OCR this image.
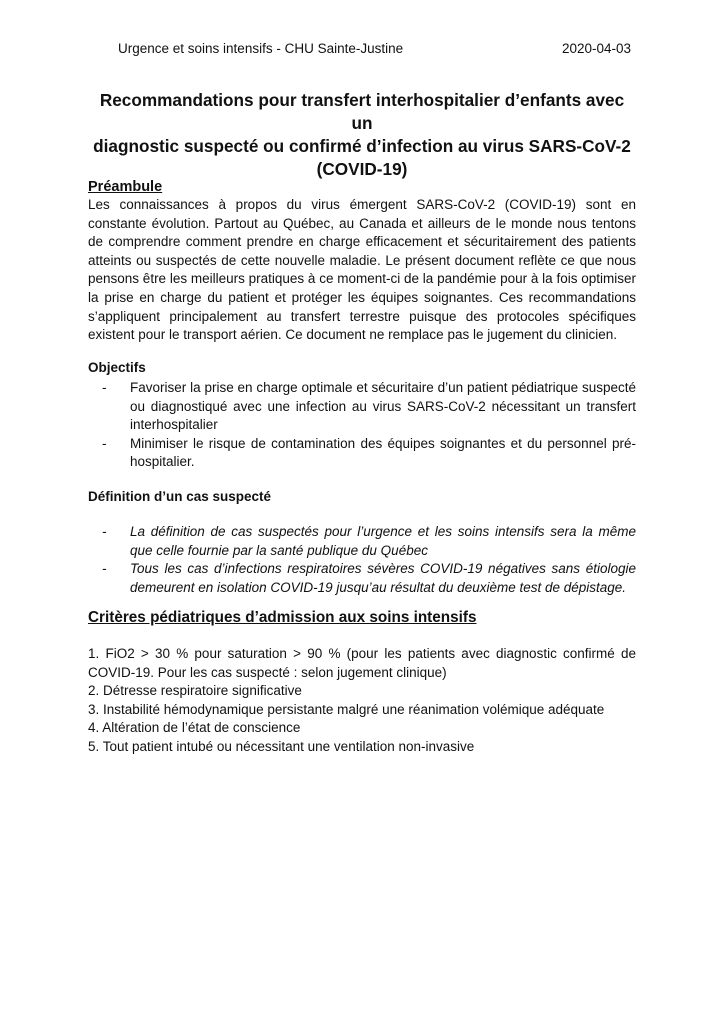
Urgence et soins intensifs - CHU Sainte-Justine	2020-04-03
Recommandations pour transfert interhospitalier d’enfants avec un
diagnostic suspecté ou confirmé d’infection au virus SARS-CoV-2
(COVID-19)
Préambule

Les connaissances à propos du virus émergent SARS-CoV-2 (COVID-19) sont en constante évolution. Partout au Québec, au Canada et ailleurs de le monde nous tentons de comprendre comment prendre en charge efficacement et sécuritairement des patients atteints ou suspectés de cette nouvelle maladie. Le présent document reflète ce que nous pensons être les meilleurs pratiques à ce moment-ci de la pandémie pour à la fois optimiser la prise en charge du patient et protéger les équipes soignantes. Ces recommandations s’appliquent principalement au transfert terrestre puisque des protocoles spécifiques existent pour le transport aérien. Ce document ne remplace pas le jugement du clinicien.

Objectifs
- Favoriser la prise en charge optimale et sécuritaire d’un patient pédiatrique suspecté ou diagnostiqué avec une infection au virus SARS-CoV-2 nécessitant un transfert interhospitalier
- Minimiser le risque de contamination des équipes soignantes et du personnel pré-hospitalier.
Définition d’un cas suspecté
- La définition de cas suspectés pour l’urgence et les soins intensifs sera la même que celle fournie par la santé publique du Québec
- Tous les cas d’infections respiratoires sévères COVID-19 négatives sans étiologie demeurent en isolation COVID-19 jusqu’au résultat du deuxième test de dépistage.
Critères pédiatriques d’admission aux soins intensifs

1. FiO2 > 30 % pour saturation > 90 % (pour les patients avec diagnostic confirmé de COVID-19. Pour les cas suspecté : selon jugement clinique)

2. Détresse respiratoire significative

3. Instabilité hémodynamique persistante malgré une réanimation volémique adéquate

4. Altération de l’état de conscience

5. Tout patient intubé ou nécessitant une ventilation non-invasive
